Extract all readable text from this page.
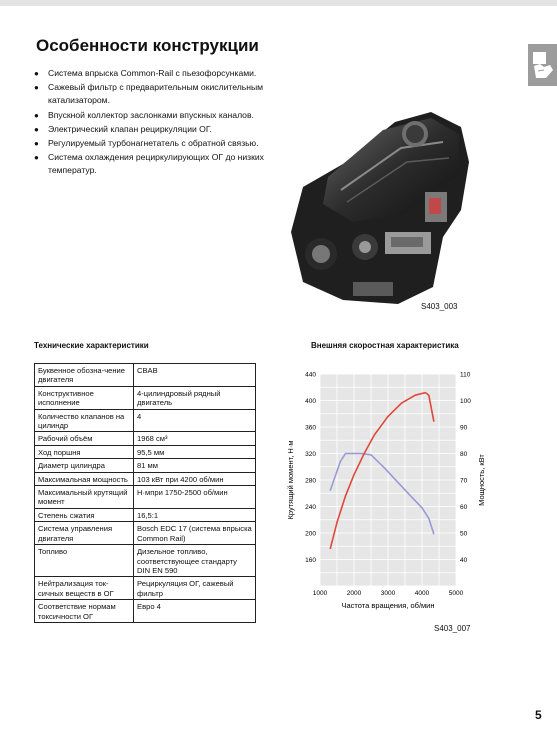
Особенности конструкции
● Система впрыска Common-Rail с пьезофорсунками.
● Сажевый фильтр с предварительным окислительным катализатором.
● Впускной коллектор заслонками впускных каналов.
● Электрический клапан рециркуляции ОГ.
● Регулируемый турбонагнетатель с обратной связью.
● Система охлаждения рециркулирующих ОГ до низких температур.
S403_003
Технические характеристики	Внешняя скоростная характеристика
Буквенное обозна-чение двигателя	CBAB
Конструктивное исполнение	4-цилиндровый рядный двигатель
Количество клапанов на цилиндр	4
Рабочий объём	1968 см³
Ход поршня	95,5 мм
Диаметр цилиндра	81 мм
Максимальная мощность	103 кВт при 4200 об/мин
Максимальный крутящий момент	Н·мпри 1750-2500 об/мин
Степень сжатия	16,5:1
Система управления двигателя	Bosch EDC 17 (система впрыска Common Rail)
Топливо	Дизельное топливо, соответствующее стандарту DIN EN 590
Нейтрализация ток-сичных веществ в ОГ	Рециркуляция ОГ, сажевый фильтр
Соответствие нормам токсичности ОГ	Евро 4
1000	2000	3000	4000	5000
160
200
240
280
320
360
400
440
40
50
60
70
80
90
100
110
Частота вращения, об/мин
Крутящий момент, Н·м	Мощность, кВт
S403_007
5
